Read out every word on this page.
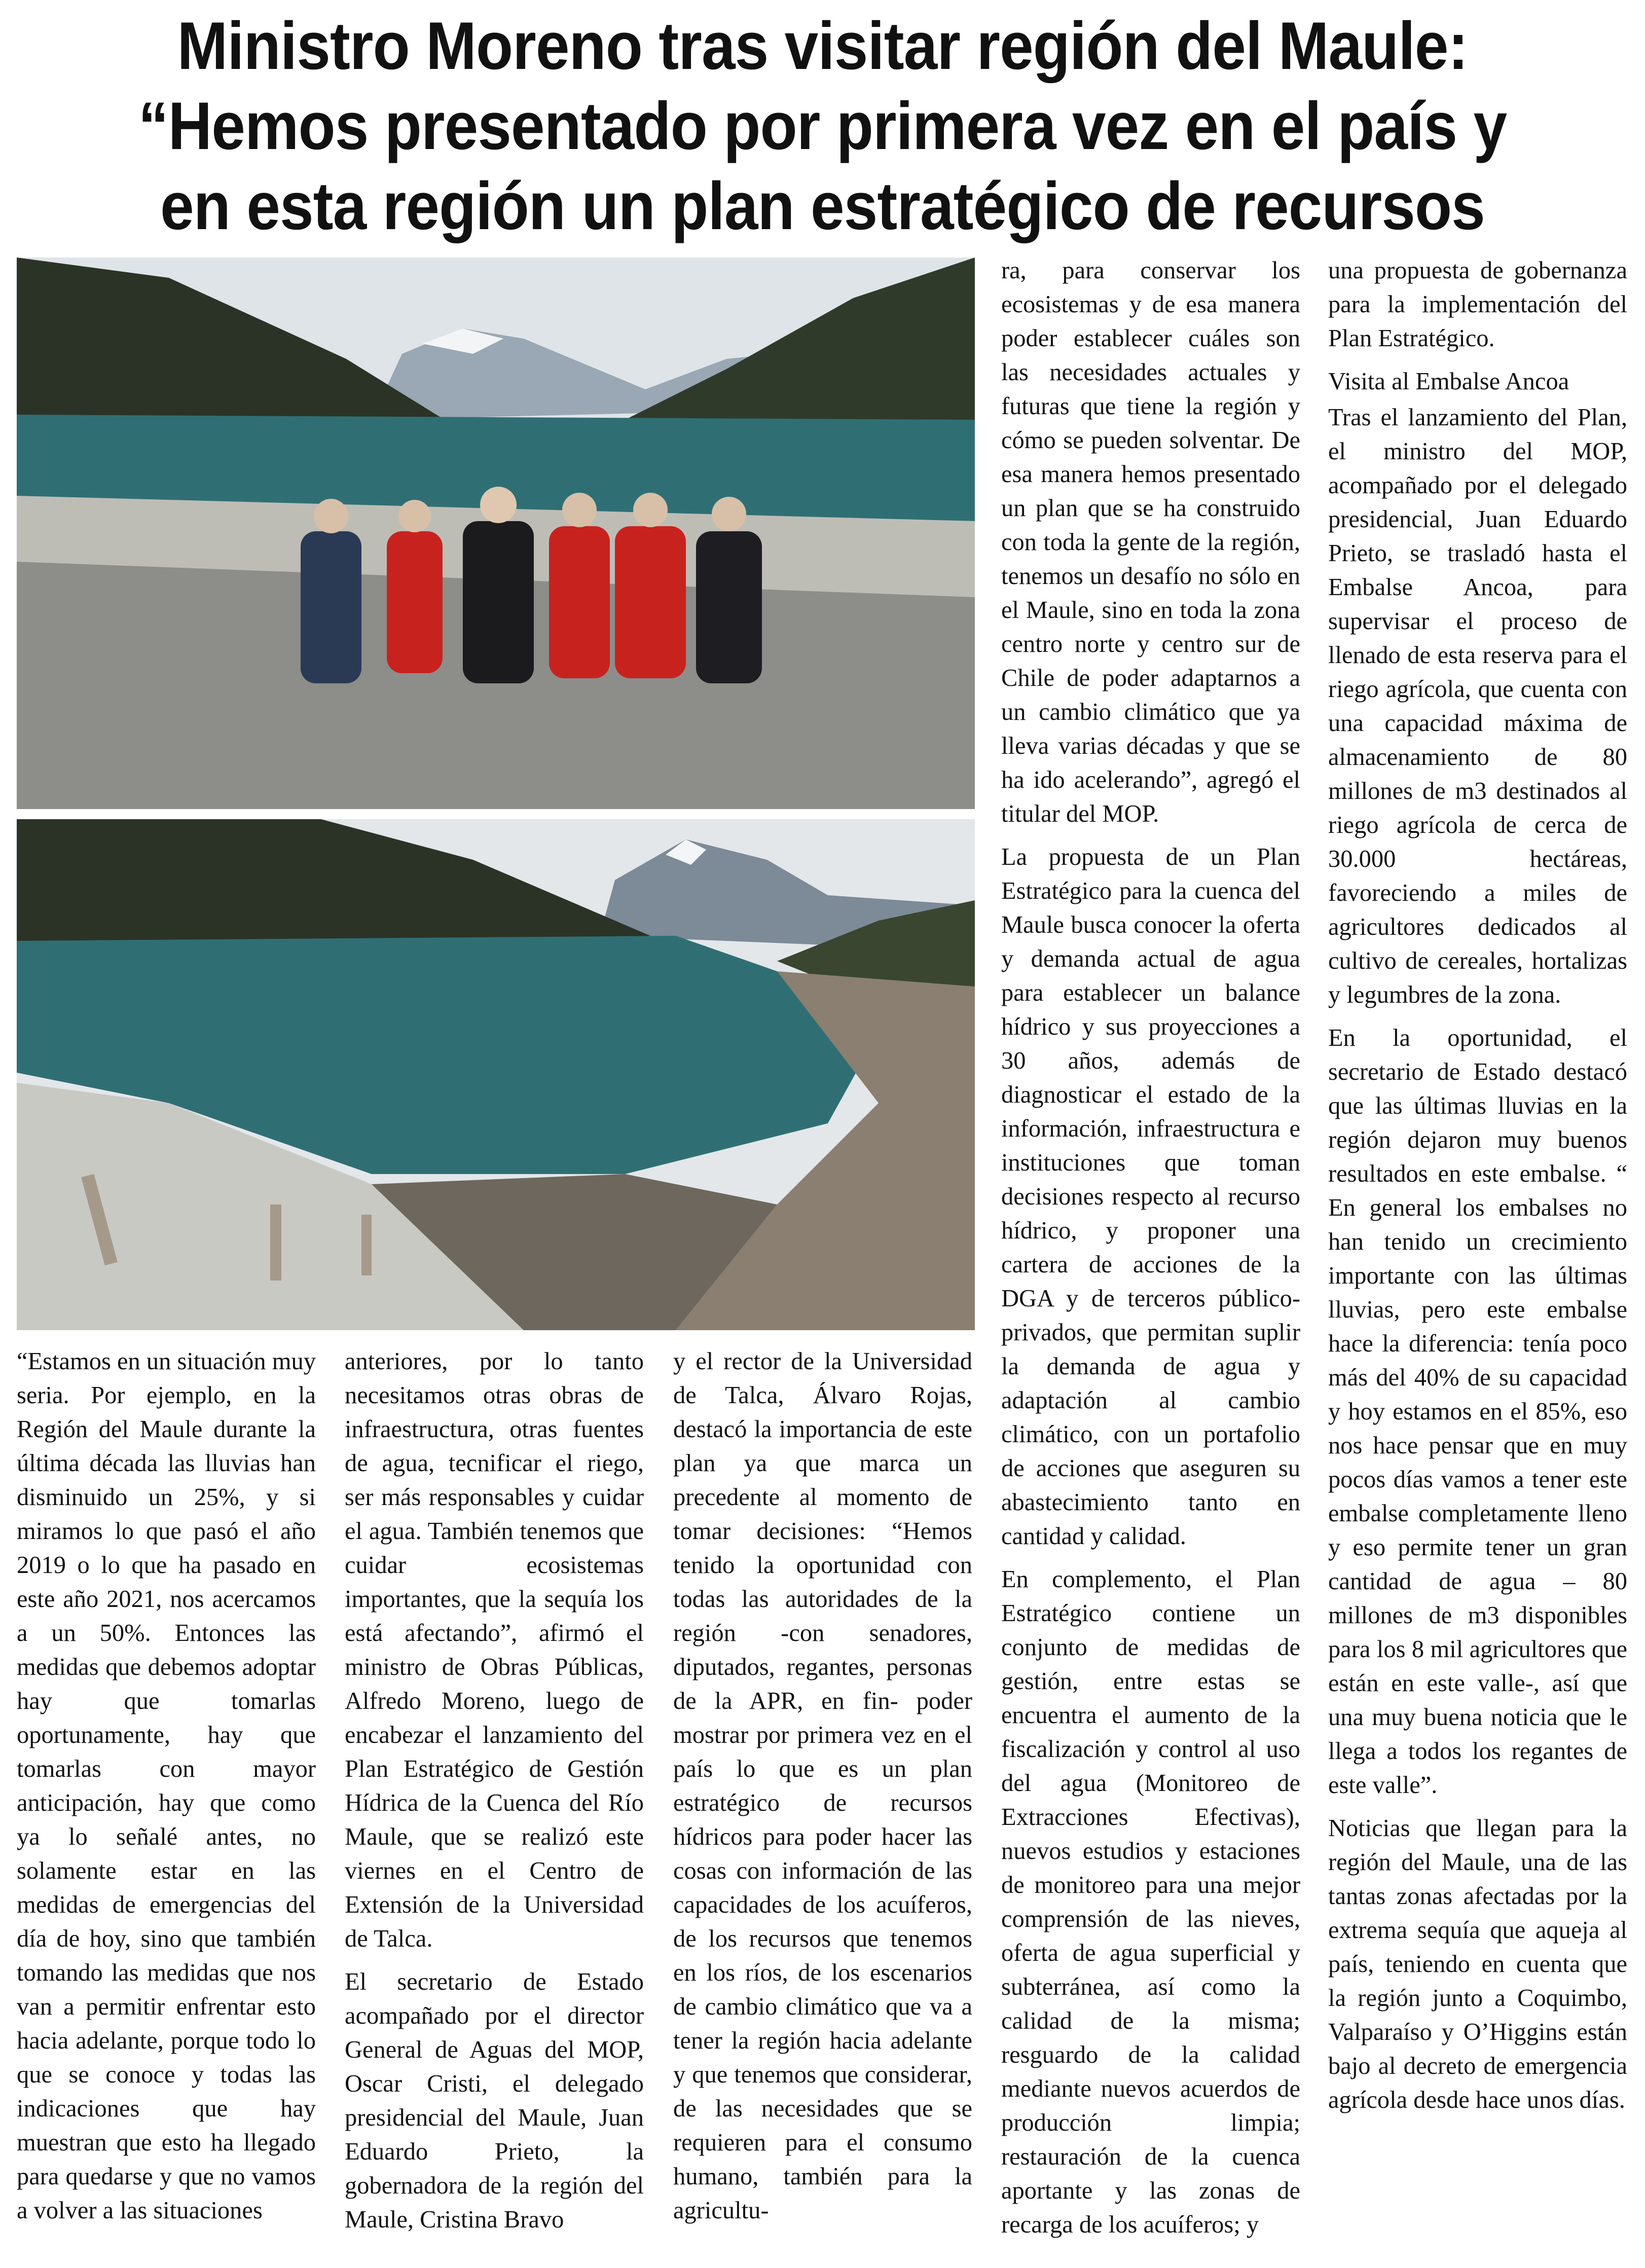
Ministro Moreno tras visitar región del Maule: “Hemos presentado por primera vez en el país y en esta región un plan estratégico de recursos

“Estamos en un situación muy seria. Por ejemplo, en la Región del Maule durante la última década las lluvias han disminuido un 25%, y si miramos lo que pasó el año 2019 o lo que ha pasado en este año 2021, nos acercamos a un 50%. Entonces las medidas que debemos adoptar hay que tomarlas oportunamente, hay que tomarlas con mayor anticipación, hay que como ya lo señalé antes, no solamente estar en las medidas de emergencias del día de hoy, sino que también tomando las medidas que nos van a permitir enfrentar esto hacia adelante, porque todo lo que se conoce y todas las indicaciones que hay muestran que esto ha llegado para quedarse y que no vamos a volver a las situaciones

anteriores, por lo tanto necesitamos otras obras de infraestructura, otras fuentes de agua, tecnificar el riego, ser más responsables y cuidar el agua. También tenemos que cuidar ecosistemas importantes, que la sequía los está afectando”, afirmó el ministro de Obras Públicas, Alfredo Moreno, luego de encabezar el lanzamiento del Plan Estratégico de Gestión Hídrica de la Cuenca del Río Maule, que se realizó este viernes en el Centro de Extensión de la Universidad de Talca.

El secretario de Estado acompañado por el director General de Aguas del MOP, Oscar Cristi, el delegado presidencial del Maule, Juan Eduardo Prieto, la gobernadora de la región del Maule, Cristina Bravo

y el rector de la Universidad de Talca, Álvaro Rojas, destacó la importancia de este plan ya que marca un precedente al momento de tomar decisiones: “Hemos tenido la oportunidad con todas las autoridades de la región -con senadores, diputados, regantes, personas de la APR, en fin- poder mostrar por primera vez en el país lo que es un plan estratégico de recursos hídricos para poder hacer las cosas con información de las capacidades de los acuíferos, de los recursos que tenemos en los ríos, de los escenarios de cambio climático que va a tener la región hacia adelante y que tenemos que considerar, de las necesidades que se requieren para el consumo humano, también para la agricultu-

ra, para conservar los ecosistemas y de esa manera poder establecer cuáles son las necesidades actuales y futuras que tiene la región y cómo se pueden solventar. De esa manera hemos presentado un plan que se ha construido con toda la gente de la región, tenemos un desafío no sólo en el Maule, sino en toda la zona centro norte y centro sur de Chile de poder adaptarnos a un cambio climático que ya lleva varias décadas y que se ha ido acelerando”, agregó el titular del MOP.

La propuesta de un Plan Estratégico para la cuenca del Maule busca conocer la oferta y demanda actual de agua para establecer un balance hídrico y sus proyecciones a 30 años, además de diagnosticar el estado de la información, infraestructura e instituciones que toman decisiones respecto al recurso hídrico, y proponer una cartera de acciones de la DGA y de terceros público-privados, que permitan suplir la demanda de agua y adaptación al cambio climático, con un portafolio de acciones que aseguren su abastecimiento tanto en cantidad y calidad.

En complemento, el Plan Estratégico contiene un conjunto de medidas de gestión, entre estas se encuentra el aumento de la fiscalización y control al uso del agua (Monitoreo de Extracciones Efectivas), nuevos estudios y estaciones de monitoreo para una mejor comprensión de las nieves, oferta de agua superficial y subterránea, así como la calidad de la misma; resguardo de la calidad mediante nuevos acuerdos de producción limpia; restauración de la cuenca aportante y las zonas de recarga de los acuíferos; y

una propuesta de gobernanza para la implementación del Plan Estratégico.

Visita al Embalse Ancoa

Tras el lanzamiento del Plan, el ministro del MOP, acompañado por el delegado presidencial, Juan Eduardo Prieto, se trasladó hasta el Embalse Ancoa, para supervisar el proceso de llenado de esta reserva para el riego agrícola, que cuenta con una capacidad máxima de almacenamiento de 80 millones de m3 destinados al riego agrícola de cerca de 30.000 hectáreas, favoreciendo a miles de agricultores dedicados al cultivo de cereales, hortalizas y legumbres de la zona.

En la oportunidad, el secretario de Estado destacó que las últimas lluvias en la región dejaron muy buenos resultados en este embalse. “ En general los embalses no han tenido un crecimiento importante con las últimas lluvias, pero este embalse hace la diferencia: tenía poco más del 40% de su capacidad y hoy estamos en el 85%, eso nos hace pensar que en muy pocos días vamos a tener este embalse completamente lleno y eso permite tener un gran cantidad de agua – 80 millones de m3 disponibles para los 8 mil agricultores que están en este valle-, así que una muy buena noticia que le llega a todos los regantes de este valle”.

Noticias que llegan para la región del Maule, una de las tantas zonas afectadas por la extrema sequía que aqueja al país, teniendo en cuenta que la región junto a Coquimbo, Valparaíso y O’Higgins están bajo al decreto de emergencia agrícola desde hace unos días.
